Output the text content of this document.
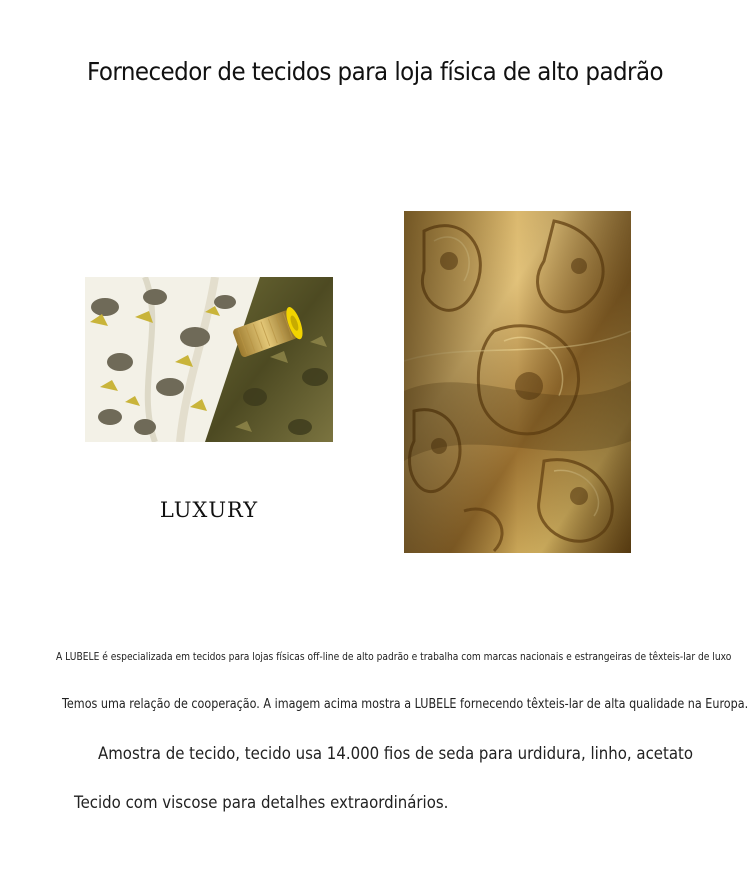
Fornecedor de tecidos para loja física de alto padrão
LUXURY
A LUBELE é especializada em tecidos para lojas físicas off-line de alto padrão e trabalha com marcas nacionais e estrangeiras de têxteis-lar de luxo
Temos uma relação de cooperação. A imagem acima mostra a LUBELE fornecendo têxteis-lar de alta qualidade na Europa.
Amostra de tecido, tecido usa 14.000 fios de seda para urdidura, linho, acetato
Tecido com viscose para detalhes extraordinários.
